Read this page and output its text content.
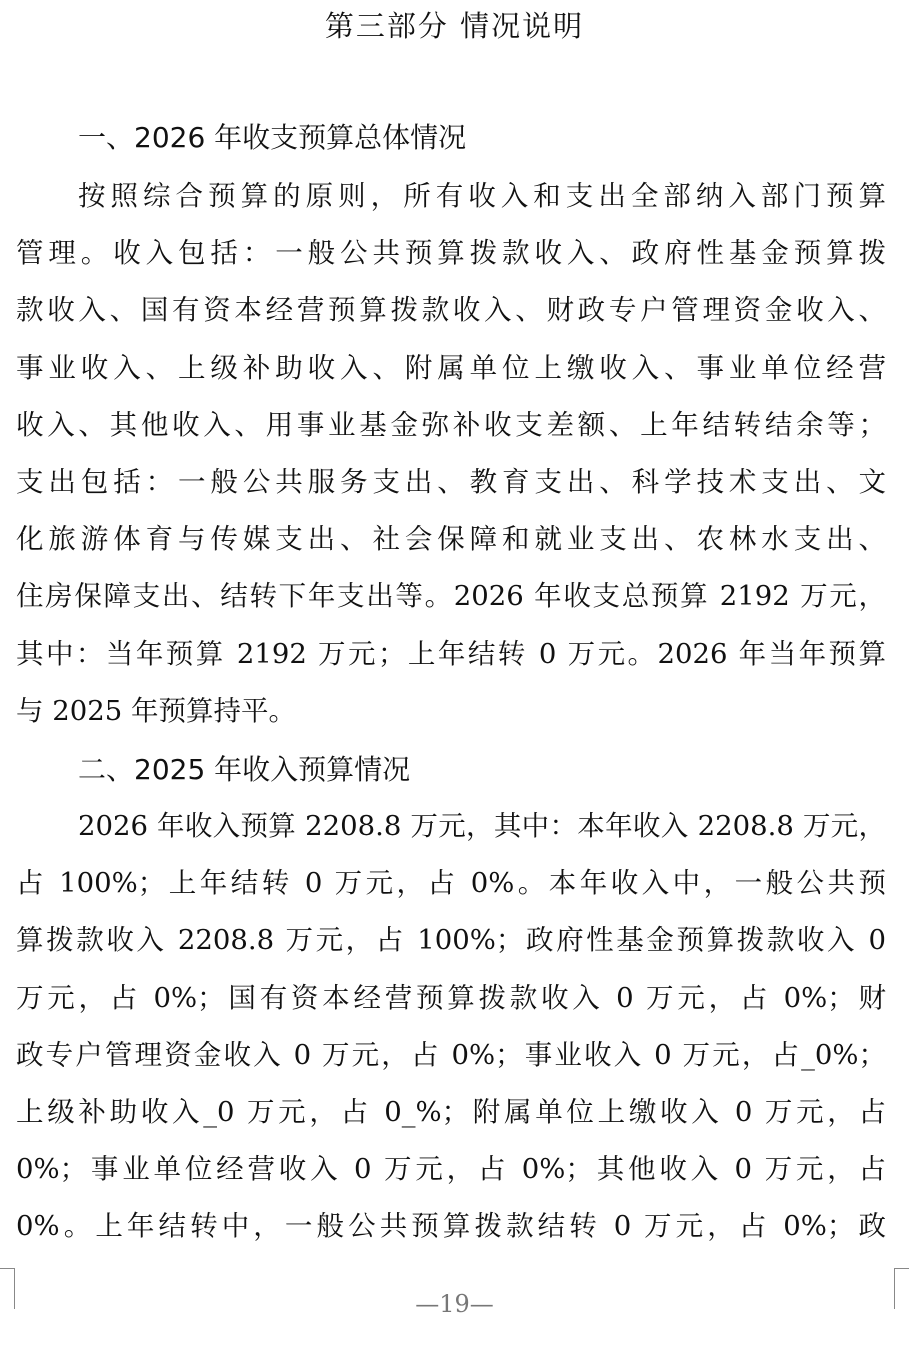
第三部分 情况说明
一、2026 年收支预算总体情况
按照综合预算的原则，所有收入和支出全部纳入部门预算
管理。收入包括：一般公共预算拨款收入、政府性基金预算拨
款收入、国有资本经营预算拨款收入、财政专户管理资金收入、
事业收入、上级补助收入、附属单位上缴收入、事业单位经营
收入、其他收入、用事业基金弥补收支差额、上年结转结余等；
支出包括：一般公共服务支出、教育支出、科学技术支出、文
化旅游体育与传媒支出、社会保障和就业支出、农林水支出、
住房保障支出、结转下年支出等。2026 年收支总预算 2192 万元，
其中：当年预算 2192 万元；上年结转 0 万元。2026 年当年预算
与 2025 年预算持平。
二、2025 年收入预算情况
2026 年收入预算 2208.8 万元，其中：本年收入 2208.8 万元，
占 100%；上年结转 0 万元，占 0%。本年收入中，一般公共预
算拨款收入 2208.8 万元，占 100%；政府性基金预算拨款收入 0
万元，占 0%；国有资本经营预算拨款收入 0 万元，占 0%；财
政专户管理资金收入 0 万元，占 0%；事业收入 0 万元，占_0%；
上级补助收入_0 万元，占 0_%；附属单位上缴收入 0 万元，占
0%；事业单位经营收入 0 万元，占 0%；其他收入 0 万元，占
0%。上年结转中，一般公共预算拨款结转 0 万元，占 0%；政
—19—
